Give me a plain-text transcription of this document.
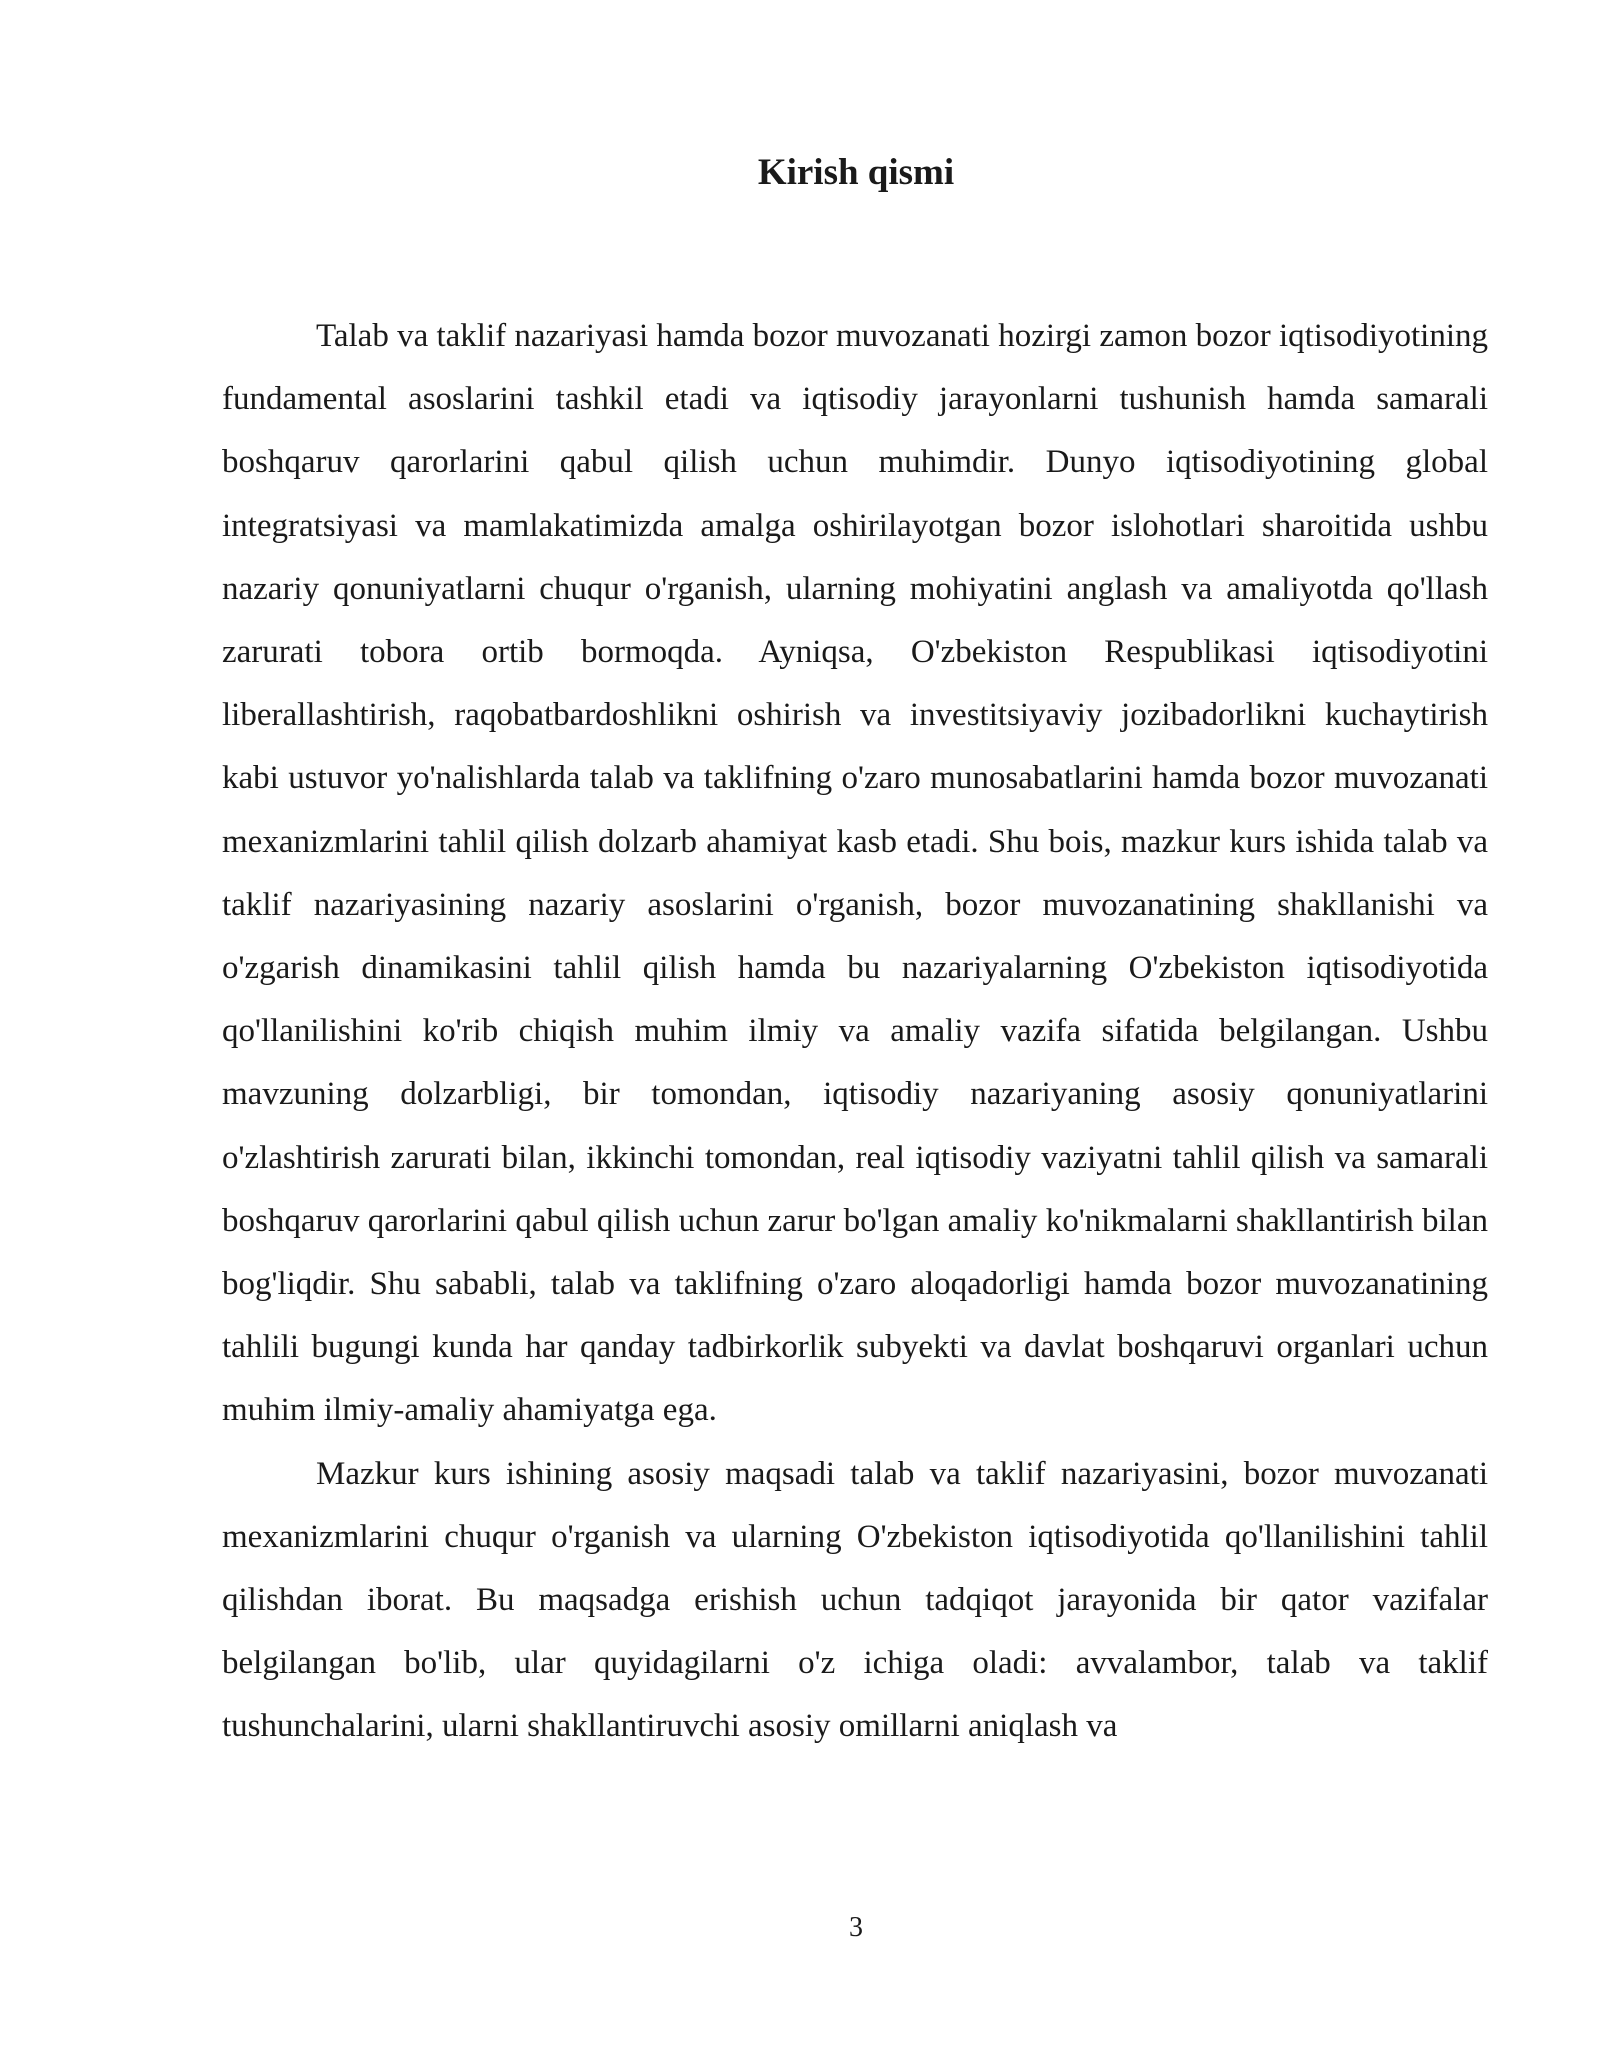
Kirish qismi

Talab va taklif nazariyasi hamda bozor muvozanati hozirgi zamon bozor iqtisodiyotining fundamental asoslarini tashkil etadi va iqtisodiy jarayonlarni tushunish hamda samarali boshqaruv qarorlarini qabul qilish uchun muhimdir. Dunyo iqtisodiyotining global integratsiyasi va mamlakatimizda amalga oshirilayotgan bozor islohotlari sharoitida ushbu nazariy qonuniyatlarni chuqur o'rganish, ularning mohiyatini anglash va amaliyotda qo'llash zarurati tobora ortib bormoqda. Ayniqsa, O'zbekiston Respublikasi iqtisodiyotini liberallashtirish, raqobatbardoshlikni oshirish va investitsiyaviy jozibadorlikni kuchaytirish kabi ustuvor yo'nalishlarda talab va taklifning o'zaro munosabatlarini hamda bozor muvozanati mexanizmlarini tahlil qilish dolzarb ahamiyat kasb etadi. Shu bois, mazkur kurs ishida talab va taklif nazariyasining nazariy asoslarini o'rganish, bozor muvozanatining shakllanishi va o'zgarish dinamikasini tahlil qilish hamda bu nazariyalarning O'zbekiston iqtisodiyotida qo'llanilishini ko'rib chiqish muhim ilmiy va amaliy vazifa sifatida belgilangan. Ushbu mavzuning dolzarbligi, bir tomondan, iqtisodiy nazariyaning asosiy qonuniyatlarini o'zlashtirish zarurati bilan, ikkinchi tomondan, real iqtisodiy vaziyatni tahlil qilish va samarali boshqaruv qarorlarini qabul qilish uchun zarur bo'lgan amaliy ko'nikmalarni shakllantirish bilan bog'liqdir. Shu sababli, talab va taklifning o'zaro aloqadorligi hamda bozor muvozanatining tahlili bugungi kunda har qanday tadbirkorlik subyekti va davlat boshqaruvi organlari uchun muhim ilmiy-amaliy ahamiyatga ega.

Mazkur kurs ishining asosiy maqsadi talab va taklif nazariyasini, bozor muvozanati mexanizmlarini chuqur o'rganish va ularning O'zbekiston iqtisodiyotida qo'llanilishini tahlil qilishdan iborat. Bu maqsadga erishish uchun tadqiqot jarayonida bir qator vazifalar belgilangan bo'lib, ular quyidagilarni o'z ichiga oladi: avvalambor, talab va taklif tushunchalarini, ularni shakllantiruvchi asosiy omillarni aniqlash va

3
